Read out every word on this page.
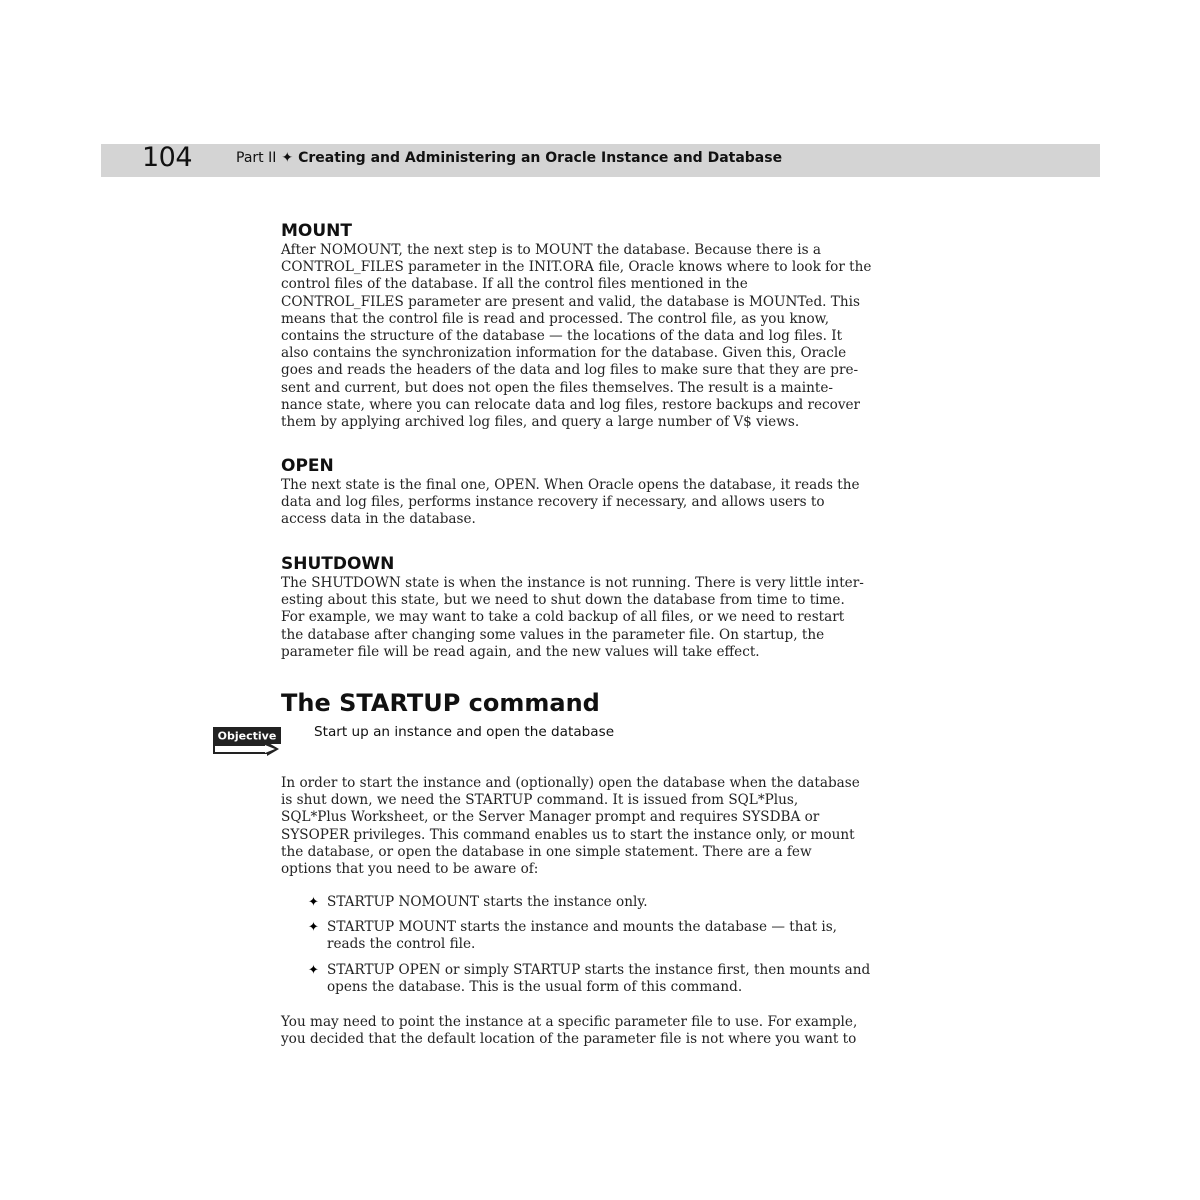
104	Part II ✦ Creating and Administering an Oracle Instance and Database
MOUNT

After NOMOUNT, the next step is to MOUNT the database. Because there is a
CONTROL_FILES parameter in the INIT.ORA file, Oracle knows where to look for the
control files of the database. If all the control files mentioned in the
CONTROL_FILES parameter are present and valid, the database is MOUNTed. This
means that the control file is read and processed. The control file, as you know,
contains the structure of the database — the locations of the data and log files. It
also contains the synchronization information for the database. Given this, Oracle
goes and reads the headers of the data and log files to make sure that they are pre-
sent and current, but does not open the files themselves. The result is a mainte-
nance state, where you can relocate data and log files, restore backups and recover
them by applying archived log files, and query a large number of V$ views.

OPEN

The next state is the final one, OPEN. When Oracle opens the database, it reads the
data and log files, performs instance recovery if necessary, and allows users to
access data in the database.

SHUTDOWN

The SHUTDOWN state is when the instance is not running. There is very little inter-
esting about this state, but we need to shut down the database from time to time.
For example, we may want to take a cold backup of all files, or we need to restart
the database after changing some values in the parameter file. On startup, the
parameter file will be read again, and the new values will take effect.

The STARTUP command
Objective	Start up an instance and open the database

In order to start the instance and (optionally) open the database when the database
is shut down, we need the STARTUP command. It is issued from SQL*Plus,
SQL*Plus Worksheet, or the Server Manager prompt and requires SYSDBA or
SYSOPER privileges. This command enables us to start the instance only, or mount
the database, or open the database in one simple statement. There are a few
options that you need to be aware of:

✦ STARTUP NOMOUNT starts the instance only.

✦ STARTUP MOUNT starts the instance and mounts the database — that is,
reads the control file.

✦ STARTUP OPEN or simply STARTUP starts the instance first, then mounts and
opens the database. This is the usual form of this command.

You may need to point the instance at a specific parameter file to use. For example,
you decided that the default location of the parameter file is not where you want to
